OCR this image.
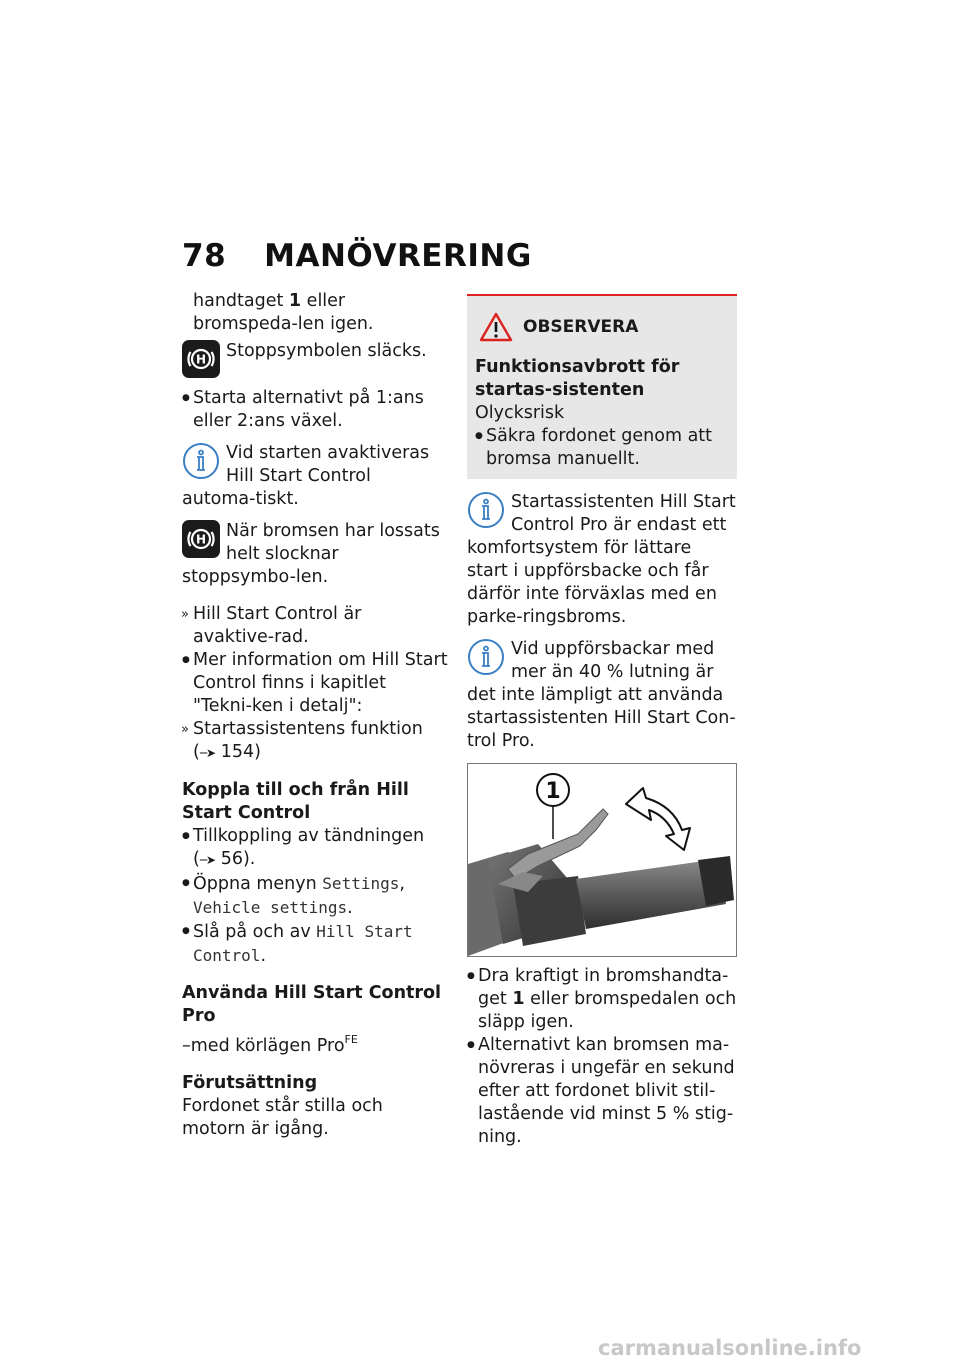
78 MANÖVRERING

handtaget 1 eller bromspeda-len igen.

H	Stoppsymbolen släcks.

● Starta alternativt på 1:ans eller 2:ans växel.

Vid starten avaktiveras Hill Start Control automa-tiskt.

H	När bromsen har lossats helt slocknar stoppsymbo-len.

» Hill Start Control är avaktive-rad.

● Mer information om Hill Start Control finns i kapitlet "Tekni-ken i detalj":

» Startassistentens funktion
(─➤ 154)

Koppla till och från Hill Start Control

● Tillkoppling av tändningen
(─➤ 56).

● Öppna menyn Settings,
Vehicle settings.

● Slå på och av Hill Start Control.

Använda Hill Start Control Pro

–med körlägen Pro$^{FE}$

Förutsättning

Fordonet står stilla och motorn är igång.

OBSERVERA

Funktionsavbrott för startas-sistenten

Olycksrisk

● Säkra fordonet genom att bromsa manuellt.

Startassistenten Hill Start Control Pro är endast ett komfortsystem för lättare start i uppförsbacke och får därför inte förväxlas med en parke-ringsbroms.

Vid uppförsbackar med mer än 40 % lutning är det inte lämpligt att använda startassistenten Hill Start Con-trol Pro.

1

● Dra kraftigt in bromshandta-get 1 eller bromspedalen och släpp igen.

● Alternativt kan bromsen ma-növreras i ungefär en sekund efter att fordonet blivit stil-lastående vid minst 5 % stig-ning.

carmanualsonline.info
